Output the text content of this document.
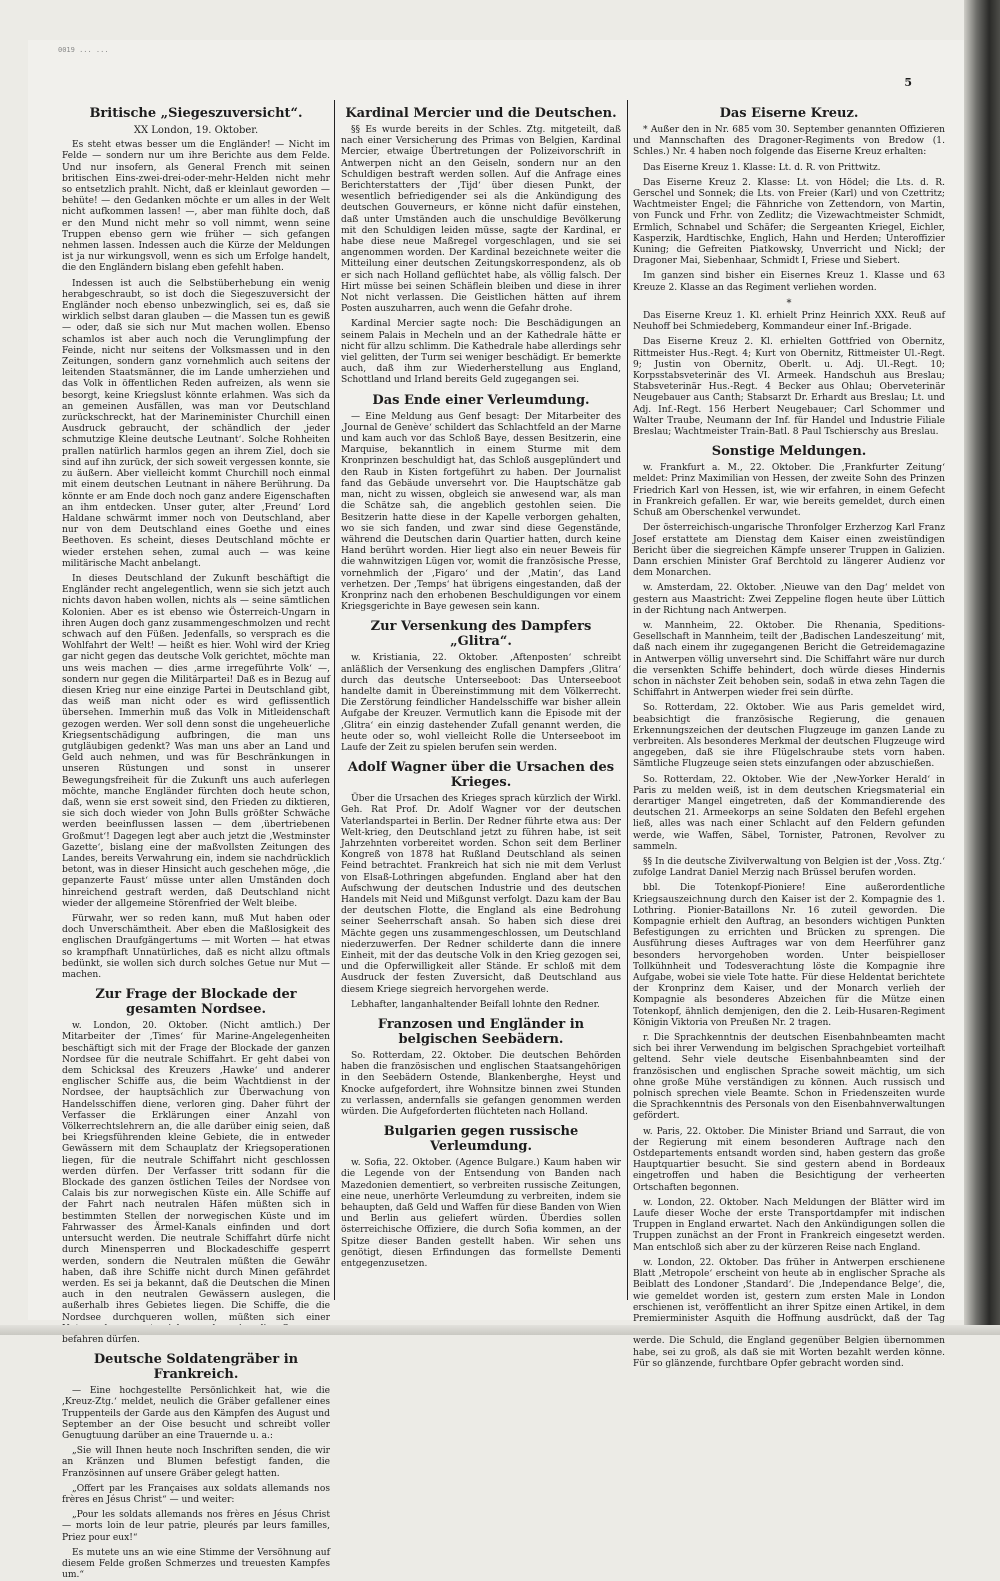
0019 ... ...
5
Britische „Siegeszuversicht“.
XX London, 19. Oktober.

Es steht etwas besser um die Engländer! — Nicht im Felde — sondern nur um ihre Berichte aus dem Felde. Und nur insofern, als General French mit seinen britischen Eins-zwei-drei-oder-mehr-Helden nicht mehr so entsetzlich prahlt. Nicht, daß er kleinlaut geworden — behüte! — den Gedanken möchte er um alles in der Welt nicht aufkommen lassen! —, aber man fühlte doch, daß er den Mund nicht mehr so voll nimmt, wenn seine Truppen ebenso gern wie früher — sich gefangen nehmen lassen. Indessen auch die Kürze der Meldungen ist ja nur wirkungsvoll, wenn es sich um Erfolge handelt, die den Engländern bislang eben gefehlt haben.

Indessen ist auch die Selbstüberhebung ein wenig herabgeschraubt, so ist doch die Siegeszuversicht der Engländer noch ebenso unbezwinglich, sei es, daß sie wirklich selbst daran glauben — die Massen tun es gewiß — oder, daß sie sich nur Mut machen wollen. Ebenso schamlos ist aber auch noch die Verunglimpfung der Feinde, nicht nur seitens der Volksmassen und in den Zeitungen, sondern ganz vornehmlich auch seitens der leitenden Staatsmänner, die im Lande umherziehen und das Volk in öffentlichen Reden aufreizen, als wenn sie besorgt, keine Kriegslust könnte erlahmen. Was sich da an gemeinen Ausfällen, was man vor Deutschland zurückschreckt, hat der Marineminister Churchill einen Ausdruck gebraucht, der schändlich der ‚jeder schmutzige Kleine deutsche Leutnant‘. Solche Rohheiten prallen natürlich harmlos gegen an ihrem Ziel, doch sie sind auf ihn zurück, der sich soweit vergessen konnte, sie zu äußern. Aber vielleicht kommt Churchill noch einmal mit einem deutschen Leutnant in nähere Berührung. Da könnte er am Ende doch noch ganz andere Eigenschaften an ihm entdecken. Unser guter, alter ‚Freund‘ Lord Haldane schwärmt immer noch von Deutschland, aber nur von dem Deutschland eines Goethe und eines Beethoven. Es scheint, dieses Deutschland möchte er wieder erstehen sehen, zumal auch — was keine militärische Macht anbelangt.

In dieses Deutschland der Zukunft beschäftigt die Engländer recht angelegentlich, wenn sie sich jetzt auch nichts davon haben wollen, nichts als — seine sämtlichen Kolonien. Aber es ist ebenso wie Österreich-Ungarn in ihren Augen doch ganz zusammengeschmolzen und recht schwach auf den Füßen. Jedenfalls, so versprach es die Wohlfahrt der Welt! — heißt es hier. Wohl wird der Krieg gar nicht gegen das deutsche Volk gerichtet, möchte man uns weis machen — dies ‚arme irregeführte Volk‘ —, sondern nur gegen die Militärpartei! Daß es in Bezug auf diesen Krieg nur eine einzige Partei in Deutschland gibt, das weiß man nicht oder es wird geflissentlich übersehen. Immerhin muß das Volk in Mitleidenschaft gezogen werden. Wer soll denn sonst die ungeheuerliche Kriegsentschädigung aufbringen, die man uns gutgläubigen gedenkt? Was man uns aber an Land und Geld auch nehmen, und was für Beschränkungen in unseren Rüstungen und sonst in unserer Bewegungsfreiheit für die Zukunft uns auch auferlegen möchte, manche Engländer fürchten doch heute schon, daß, wenn sie erst soweit sind, den Frieden zu diktieren, sie sich doch wieder von John Bulls größter Schwäche werden beeinflussen lassen — dem ‚übertriebenen Großmut‘! Dagegen legt aber auch jetzt die ‚Westminster Gazette‘, bislang eine der maßvollsten Zeitungen des Landes, bereits Verwahrung ein, indem sie nachdrücklich betont, was in dieser Hinsicht auch geschehen möge, ‚die gepanzerte Faust‘ müsse unter allen Umständen doch hinreichend gestraft werden, daß Deutschland nicht wieder der allgemeine Störenfried der Welt bleibe.

Fürwahr, wer so reden kann, muß Mut haben oder doch Unverschämtheit. Aber eben die Maßlosigkeit des englischen Draufgängertums — mit Worten — hat etwas so krampfhaft Unnatürliches, daß es nicht allzu oftmals bedünkt, sie wollen sich durch solches Getue nur Mut — machen.

Zur Frage der Blockade der gesamten Nordsee.

w. London, 20. Oktober. (Nicht amtlich.) Der Mitarbeiter der ‚Times‘ für Marine-Angelegenheiten beschäftigt sich mit der Frage der Blockade der ganzen Nordsee für die neutrale Schiffahrt. Er geht dabei von dem Schicksal des Kreuzers ‚Hawke‘ und anderer englischer Schiffe aus, die beim Wachtdienst in der Nordsee, der hauptsächlich zur Überwachung von Handelsschiffen diene, verloren ging. Daher führt der Verfasser die Erklärungen einer Anzahl von Völkerrechtslehrern an, die alle darüber einig seien, daß bei Kriegsführenden kleine Gebiete, die in entweder Gewässern mit dem Schauplatz der Kriegsoperationen liegen, für die neutrale Schiffahrt nicht geschlossen werden dürfen. Der Verfasser tritt sodann für die Blockade des ganzen östlichen Teiles der Nordsee von Calais bis zur norwegischen Küste ein. Alle Schiffe auf der Fahrt nach neutralen Häfen müßten sich in bestimmten Stellen der norwegischen Küste und im Fahrwasser des Ärmel-Kanals einfinden und dort untersucht werden. Die neutrale Schiffahrt dürfe nicht durch Minensperren und Blockadeschiffe gesperrt werden, sondern die Neutralen müßten die Gewähr haben, daß ihre Schiffe nicht durch Minen gefährdet werden. Es sei ja bekannt, daß die Deutschen die Minen auch in den neutralen Gewässern auslegen, die außerhalb ihres Gebietes liegen. Die Schiffe, die die Nordsee durchqueren wollen, müßten sich einer befahren dürfen.

Deutsche Soldatengräber in Frankreich.

— Eine hochgestellte Persönlichkeit hat, wie die ‚Kreuz-Ztg.‘ meldet, neulich die Gräber gefallener eines Truppenteils der Garde aus den Kämpfen des August und September an der Oise besucht und schreibt voller Genugtuung darüber an eine Trauernde u. a.:

„Sie will Ihnen heute noch Inschriften senden, die wir an Kränzen und Blumen befestigt fanden, die Französinnen auf unsere Gräber gelegt hatten.

„Offert par les Françaises aux soldats allemands nos frères en Jésus Christ“ — und weiter:

„Pour les soldats allemands nos frères en Jésus Christ — morts loin de leur patrie, pleurés par leurs familles, Priez pour eux!“

Es mutete uns an wie eine Stimme der Versöhnung auf diesem Felde großen Schmerzes und treuesten Kampfes um.“

Kardinal Mercier und die Deutschen.

§§ Es wurde bereits in der Schles. Ztg. mitgeteilt, daß nach einer Versicherung des Primas von Belgien, Kardinal Mercier, etwaige Übertretungen der Polizeivorschrift in Antwerpen nicht an den Geiseln, sondern nur an den Schuldigen bestraft werden sollen. Auf die Anfrage eines Berichterstatters der ‚Tijd‘ über diesen Punkt, der wesentlich befriedigender sei als die Ankündigung des deutschen Gouverneurs, er könne nicht dafür einstehen, daß unter Umständen auch die unschuldige Bevölkerung mit den Schuldigen leiden müsse, sagte der Kardinal, er habe diese neue Maßregel vorgeschlagen, und sie sei angenommen worden. Der Kardinal bezeichnete weiter die Mitteilung einer deutschen Zeitungskorrespondenz, als ob er sich nach Holland geflüchtet habe, als völlig falsch. Der Hirt müsse bei seinen Schäflein bleiben und diese in ihrer Not nicht verlassen. Die Geistlichen hätten auf ihrem Posten auszuharren, auch wenn die Gefahr drohe.

Kardinal Mercier sagte noch: Die Beschädigungen an seinem Palais in Mecheln und an der Kathedrale hätte er nicht für allzu schlimm. Die Kathedrale habe allerdings sehr viel gelitten, der Turm sei weniger beschädigt. Er bemerkte auch, daß ihm zur Wiederherstellung aus England, Schottland und Irland bereits Geld zugegangen sei.

Das Ende einer Verleumdung.

— Eine Meldung aus Genf besagt: Der Mitarbeiter des ‚Journal de Genève‘ schildert das Schlachtfeld an der Marne und kam auch vor das Schloß Baye, dessen Besitzerin, eine Marquise, bekanntlich in einem Sturme mit dem Kronprinzen beschuldigt hat, das Schloß ausgeplündert und den Raub in Kisten fortgeführt zu haben. Der Journalist fand das Gebäude unversehrt vor. Die Hauptschätze gab man, nicht zu wissen, obgleich sie anwesend war, als man die Schätze sah, die angeblich gestohlen seien. Die Besitzerin hatte diese in der Kapelle verborgen gehalten, wo sie sich fanden, und zwar sind diese Gegenstände, während die Deutschen darin Quartier hatten, durch keine Hand berührt worden. Hier liegt also ein neuer Beweis für die wahnwitzigen Lügen vor, womit die französische Presse, vornehmlich der ‚Figaro‘ und der ‚Matin‘, das Land verhetzen. Der ‚Temps‘ hat übrigens eingestanden, daß der Kronprinz nach den erhobenen Beschuldigungen vor einem Kriegsgerichte in Baye gewesen sein kann.

Zur Versenkung des Dampfers „Glitra“.

w. Kristiania, 22. Oktober. ‚Aftenposten‘ schreibt anläßlich der Versenkung des englischen Dampfers ‚Glitra‘ durch das deutsche Unterseeboot: Das Unterseeboot handelte damit in Übereinstimmung mit dem Völkerrecht. Die Zerstörung feindlicher Handelsschiffe war bisher allein Aufgabe der Kreuzer. Vermutlich kann die Episode mit der ‚Glitra‘ ein einzig dastehender Zufall genannt werden, die heute oder so, wohl vielleicht Rolle die Unterseeboot im Laufe der Zeit zu spielen berufen sein werden.

Adolf Wagner über die Ursachen des Krieges.

Über die Ursachen des Krieges sprach kürzlich der Wirkl. Geh. Rat Prof. Dr. Adolf Wagner vor der deutschen Vaterlandspartei in Berlin. Der Redner führte etwa aus: Der Welt-krieg, den Deutschland jetzt zu führen habe, ist seit Jahrzehnten vorbereitet worden. Schon seit dem Berliner Kongreß von 1878 hat Rußland Deutschland als seinen Feind betrachtet. Frankreich hat sich nie mit dem Verlust von Elsaß-Lothringen abgefunden. England aber hat den Aufschwung der deutschen Industrie und des deutschen Handels mit Neid und Mißgunst verfolgt. Dazu kam der Bau der deutschen Flotte, die England als eine Bedrohung seiner Seeherrschaft ansah. So haben sich diese drei Mächte gegen uns zusammengeschlossen, um Deutschland niederzuwerfen. Der Redner schilderte dann die innere Einheit, mit der das deutsche Volk in den Krieg gezogen sei, und die Opferwilligkeit aller Stände. Er schloß mit dem Ausdruck der festen Zuversicht, daß Deutschland aus diesem Kriege siegreich hervorgehen werde.

Lebhafter, langanhaltender Beifall lohnte den Redner.

Franzosen und Engländer in belgischen Seebädern.

So. Rotterdam, 22. Oktober. Die deutschen Behörden haben die französischen und englischen Staatsangehörigen in den Seebädern Ostende, Blankenberghe, Heyst und Knocke aufgefordert, ihre Wohnsitze binnen zwei Stunden zu verlassen, andernfalls sie gefangen genommen werden würden. Die Aufgeforderten flüchteten nach Holland.

Bulgarien gegen russische Verleumdung.

w. Sofia, 22. Oktober. (Agence Bulgare.) Kaum haben wir die Legende von der Entsendung von Banden nach Mazedonien dementiert, so verbreiten russische Zeitungen, eine neue, unerhörte Verleumdung zu verbreiten, indem sie behaupten, daß Geld und Waffen für diese Banden von Wien und Berlin aus geliefert würden. Überdies sollen österreichische Offiziere, die durch Sofia kommen, an der Spitze dieser Banden gestellt haben. Wir sehen uns genötigt, diesen Erfindungen das formellste Dementi entgegenzusetzen.

Das Eiserne Kreuz.

* Außer den in Nr. 685 vom 30. September genannten Offizieren und Mannschaften des Dragoner-Regiments von Bredow (1. Schles.) Nr. 4 haben noch folgende das Eiserne Kreuz erhalten:

Das Eiserne Kreuz 1. Klasse: Lt. d. R. von Prittwitz.

Das Eiserne Kreuz 2. Klasse: Lt. von Hödel; die Lts. d. R. Gerschel und Sonnek; die Lts. von Freier (Karl) und von Czettritz; Wachtmeister Engel; die Fähnriche von Zettendorn, von Martin, von Funck und Frhr. von Zedlitz; die Vizewachtmeister Schmidt, Ermlich, Schnabel und Schäfer; die Sergeanten Kriegel, Eichler, Kasperzik, Hardtischke, Englich, Hahn und Herden; Unteroffizier Kuning; die Gefreiten Piatkowsky, Unverricht und Nickl; der Dragoner Mai, Siebenhaar, Schmidt I, Friese und Siebert.

Im ganzen sind bisher ein Eisernes Kreuz 1. Klasse und 63 Kreuze 2. Klasse an das Regiment verliehen worden.

*

Das Eiserne Kreuz 1. Kl. erhielt Prinz Heinrich XXX. Reuß auf Neuhoff bei Schmiedeberg, Kommandeur einer Inf.-Brigade.

Das Eiserne Kreuz 2. Kl. erhielten Gottfried von Obernitz, Rittmeister Hus.-Regt. 4; Kurt von Obernitz, Rittmeister Ul.-Regt. 9; Justin von Obernitz, Oberlt. u. Adj. Ul.-Regt. 10; Korpsstabsveterinär des VI. Armeek. Handschuh aus Breslau; Stabsveterinär Hus.-Regt. 4 Becker aus Ohlau; Oberveterinär Neugebauer aus Canth; Stabsarzt Dr. Erhardt aus Breslau; Lt. und Adj. Inf.-Regt. 156 Herbert Neugebauer; Carl Schommer und Walter Traube, Neumann der Inf. für Handel und Industrie Filiale Breslau; Wachtmeister Train-Batl. 8 Paul Tschierschy aus Breslau.

Sonstige Meldungen.

w. Frankfurt a. M., 22. Oktober. Die ‚Frankfurter Zeitung‘ meldet: Prinz Maximilian von Hessen, der zweite Sohn des Prinzen Friedrich Karl von Hessen, ist, wie wir erfahren, in einem Gefecht in Frankreich gefallen. Er war, wie bereits gemeldet, durch einen Schuß am Oberschenkel verwundet.

Der österreichisch-ungarische Thronfolger Erzherzog Karl Franz Josef erstattete am Dienstag dem Kaiser einen zweistündigen Bericht über die siegreichen Kämpfe unserer Truppen in Galizien. Dann erschien Minister Graf Berchtold zu längerer Audienz vor dem Monarchen.

w. Amsterdam, 22. Oktober. ‚Nieuwe van den Dag‘ meldet von gestern aus Maastricht: Zwei Zeppeline flogen heute über Lüttich in der Richtung nach Antwerpen.

w. Mannheim, 22. Oktober. Die Rhenania, Speditions-Gesellschaft in Mannheim, teilt der ‚Badischen Landeszeitung‘ mit, daß nach einem ihr zugegangenen Bericht die Getreidemagazine in Antwerpen völlig unversehrt sind. Die Schiffahrt wäre nur durch die versenkten Schiffe behindert, doch würde dieses Hindernis schon in nächster Zeit behoben sein, sodaß in etwa zehn Tagen die Schiffahrt in Antwerpen wieder frei sein dürfte.

So. Rotterdam, 22. Oktober. Wie aus Paris gemeldet wird, beabsichtigt die französische Regierung, die genauen Erkennungszeichen der deutschen Flugzeuge im ganzen Lande zu verbreiten. Als besonderes Merkmal der deutschen Flugzeuge wird angegeben, daß sie ihre Flügelschraube stets vorn haben. Sämtliche Flugzeuge seien stets einzufangen oder abzuschießen.

So. Rotterdam, 22. Oktober. Wie der ‚New-Yorker Herald‘ in Paris zu melden weiß, ist in dem deutschen Kriegsmaterial ein derartiger Mangel eingetreten, daß der Kommandierende des deutschen 21. Armeekorps an seine Soldaten den Befehl ergehen ließ, alles was nach einer Schlacht auf den Feldern gefunden werde, wie Waffen, Säbel, Tornister, Patronen, Revolver zu sammeln.

§§ In die deutsche Zivilverwaltung von Belgien ist der ‚Voss. Ztg.‘ zufolge Landrat Daniel Merzig nach Brüssel berufen worden.

bbl. Die Totenkopf-Pioniere! Eine außerordentliche Kriegsauszeichnung durch den Kaiser ist der 2. Kompagnie des 1. Lothring. Pionier-Bataillons Nr. 16 zuteil geworden. Die Kompagnie erhielt den Auftrag, an besonders wichtigen Punkten Befestigungen zu errichten und Brücken zu sprengen. Die Ausführung dieses Auftrages war von dem Heerführer ganz besonders hervorgehoben worden. Unter beispielloser Tollkühnheit und Todesverachtung löste die Kompagnie ihre Aufgabe, wobei sie viele Tote hatte. Für diese Heldentat berichtete der Kronprinz dem Kaiser, und der Monarch verlieh der Kompagnie als besonderes Abzeichen für die Mütze einen Totenkopf, ähnlich demjenigen, den die 2. Leib-Husaren-Regiment Königin Viktoria von Preußen Nr. 2 tragen.

r. Die Sprachkenntnis der deutschen Eisenbahnbeamten macht sich bei ihrer Verwendung im belgischen Sprachgebiet vorteilhaft geltend. Sehr viele deutsche Eisenbahnbeamten sind der französischen und englischen Sprache soweit mächtig, um sich ohne große Mühe verständigen zu können. Auch russisch und polnisch sprechen viele Beamte. Schon in Friedenszeiten wurde die Sprachkenntnis des Personals von den Eisenbahnverwaltungen gefördert.

w. Paris, 22. Oktober. Die Minister Briand und Sarraut, die von der Regierung mit einem besonderen Auftrage nach den Ostdepartements entsandt worden sind, haben gestern das große Hauptquartier besucht. Sie sind gestern abend in Bordeaux eingetroffen und haben die Besichtigung der verheerten Ortschaften begonnen.

w. London, 22. Oktober. Nach Meldungen der Blätter wird im Laufe dieser Woche der erste Transportdampfer mit indischen Truppen in England erwartet. Nach den Ankündigungen sollen die Truppen zunächst an der Front in Frankreich eingesetzt werden. Man entschloß sich aber zu der kürzeren Reise nach England.

w. London, 22. Oktober. Das früher in Antwerpen erschienene Blatt ‚Metropole‘ erscheint von heute ab in englischer Sprache als Beiblatt des Londoner ‚Standard‘. Die ‚Independance Belge‘, die, wie gemeldet worden ist, gestern zum ersten Male in London erschienen ist, veröffentlicht an ihrer Spitze einen Artikel, in dem Premierminister Asquith die Hoffnung ausdrückt, daß der Tag werde. Die Schuld, die England gegenüber Belgien übernommen habe, sei zu groß, als daß sie mit Worten bezahlt werden könne. Für so glänzende, furchtbare Opfer gebracht worden sind.
